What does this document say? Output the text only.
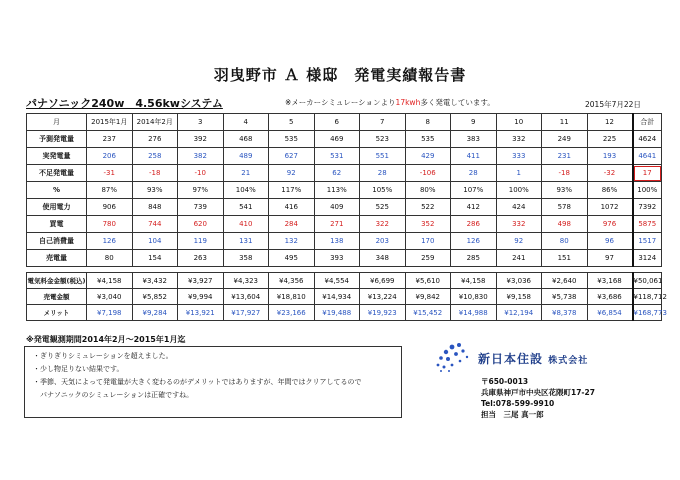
羽曳野市 Ａ 様邸　発電実績報告書
パナソニック240w　4.56kwシステム	※メーカーシミュレーションより17kwh多く発電しています。	2015年7月22日
月	2015年1月	2014年2月	3	4	5	6	7	8	9	10	11	12	合計
予測発電量	237	276	392	468	535	469	523	535	383	332	249	225	4624
実発電量	206	258	382	489	627	531	551	429	411	333	231	193	4641
不足発電量	-31	-18	-10	21	92	62	28	-106	28	1	-18	-32	17
%	87%	93%	97%	104%	117%	113%	105%	80%	107%	100%	93%	86%	100%
使用電力	906	848	739	541	416	409	525	522	412	424	578	1072	7392
買電	780	744	620	410	284	271	322	352	286	332	498	976	5875
自己消費量	126	104	119	131	132	138	203	170	126	92	80	96	1517
売電量	80	154	263	358	495	393	348	259	285	241	151	97	3124
電気料金金額(税込)	¥4,158	¥3,432	¥3,927	¥4,323	¥4,356	¥4,554	¥6,699	¥5,610	¥4,158	¥3,036	¥2,640	¥3,168	¥50,061
売電金額	¥3,040	¥5,852	¥9,994	¥13,604	¥18,810	¥14,934	¥13,224	¥9,842	¥10,830	¥9,158	¥5,738	¥3,686	¥118,712
メリット	¥7,198	¥9,284	¥13,921	¥17,927	¥23,166	¥19,488	¥19,923	¥15,452	¥14,988	¥12,194	¥8,378	¥6,854	¥168,773
※発電観測期間2014年2月～2015年1月迄
・ぎりぎりシミュレーションを超えました。
・少し物足りない結果です。
・季節、天気によって発電量が大きく変わるのがデメリットではありますが、年間ではクリアしてるので
　パナソニックのシミュレーションは正確ですね。
新日本住設 株式会社
〒650-0013
兵庫県神戸市中央区花隈町17-27
Tel:078-599-9910
担当　三尾 真一郎
